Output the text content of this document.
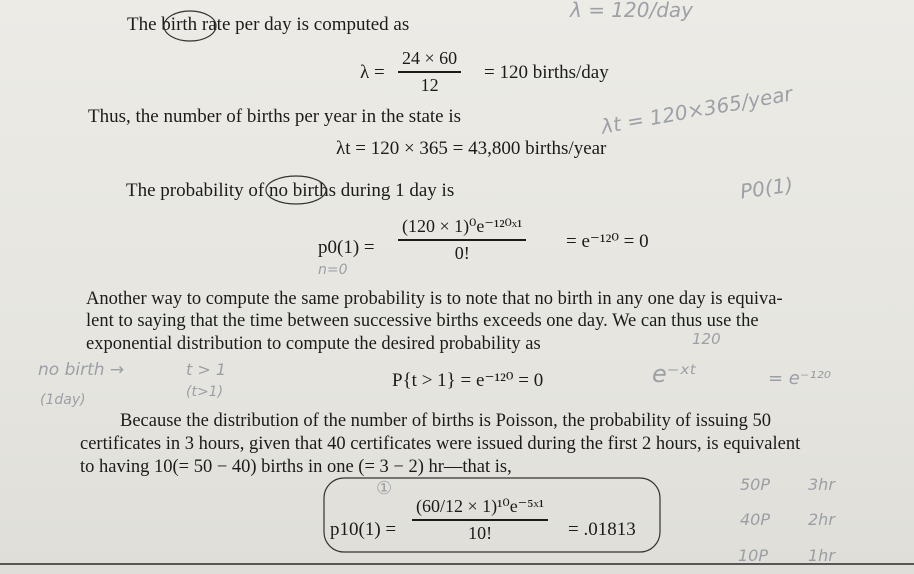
The birth rate per day is computed as
λ = 120/day
λ =
24 × 60
12
= 120 births/day
Thus, the number of births per year in the state is	λt = 120×365/year
λt = 120 × 365 = 43,800 births/year
The probability of no births during 1 day is	P0(1)
p0(1) =
n=0
(120 × 1)⁰e⁻¹²⁰ˣ¹
0!
= e⁻¹²⁰ = 0
Another way to compute the same probability is to note that no birth in any one day is equiva-
lent to saying that the time between successive births exceeds one day. We can thus use the
exponential distribution to compute the desired probability as	120
no birth →
(1day)
t > 1
(t>1)
P{t > 1} = e⁻¹²⁰ = 0	e⁻ˣᵗ	= e⁻¹²⁰
Because the distribution of the number of births is Poisson, the probability of issuing 50
certificates in 3 hours, given that 40 certificates were issued during the first 2 hours, is equivalent
to having 10(= 50 − 40) births in one (= 3 − 2) hr—that is,
50P 3hr
40P 2hr
10P 1hr
①
p10(1) =
(60/12 × 1)¹⁰e⁻⁵ˣ¹
10!	= .01813
